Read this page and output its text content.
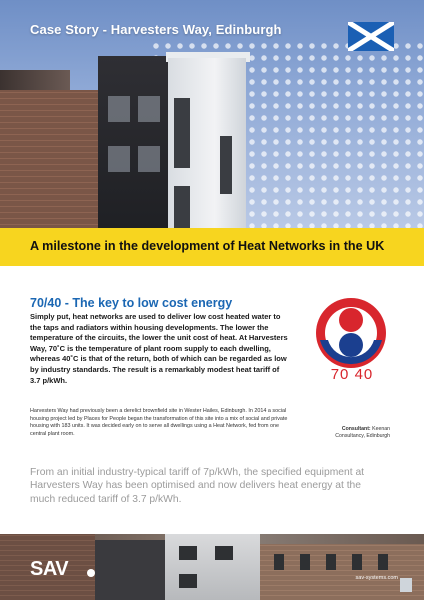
Case Story - Harvesters Way, Edinburgh
A milestone in the development of Heat Networks in the UK
70/40 - The key to low cost energy

Simply put, heat networks are used to deliver low cost heated water to the taps and radiators within housing developments. The lower the temperature of the circuits, the lower the unit cost of heat. At Harvesters Way, 70˚C is the temperature of plant room supply to each dwelling, whereas 40˚C is that of the return, both of which can be regarded as low by industry standards. The result is a remarkably modest heat tariff of 3.7 p/kWh.

Harvesters Way had previously been a derelict brownfield site in Wester Hailes, Edinburgh. In 2014 a social housing project led by Places for People began the transformation of this site into a mix of social and private housing with 183 units. It was decided early on to serve all dwellings using a Heat Network, fed from one central plant room.

70 40
Consultant: Keenan
Consultancy, Edinburgh

From an initial industry-typical tariff of 7p/kWh, the specified equipment at Harvesters Way has been optimised and now delivers heat energy at the much reduced tariff of 3.7 p/kWh.

SAV	sav-systems.com
